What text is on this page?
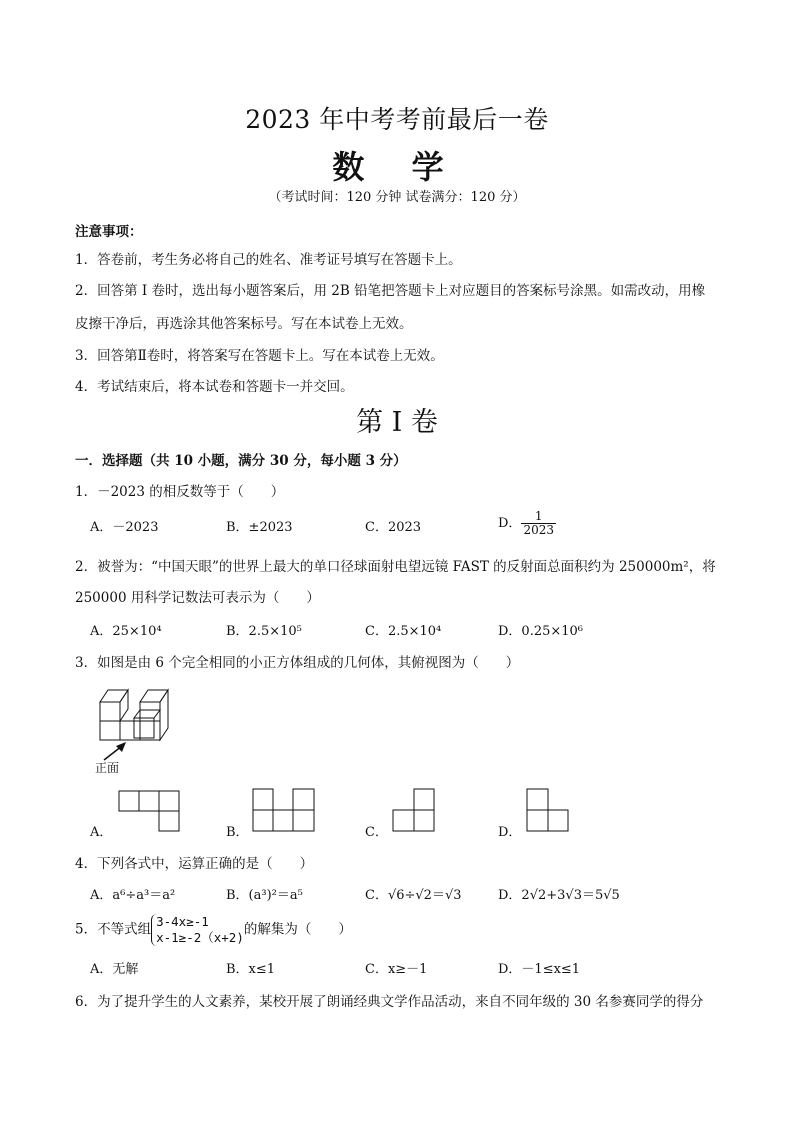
2023 年中考考前最后一卷
数 学
（考试时间：120 分钟 试卷满分：120 分）
注意事项：
1．答卷前，考生务必将自己的姓名、准考证号填写在答题卡上。
2．回答第 I 卷时，选出每小题答案后，用 2B 铅笔把答题卡上对应题目的答案标号涂黑。如需改动，用橡
皮擦干净后，再选涂其他答案标号。写在本试卷上无效。
3．回答第Ⅱ卷时，将答案写在答题卡上。写在本试卷上无效。
4．考试结束后，将本试卷和答题卡一并交回。
第 I 卷
一．选择题（共 10 小题，满分 30 分，每小题 3 分）
1．－2023 的相反数等于（　　）
A．－2023	B．±2023	C．2023	D． $\frac{1}{2023}$
2．被誉为：“中国天眼”的世界上最大的单口径球面射电望远镜 FAST 的反射面总面积约为 250000m²，将
250000 用科学记数法可表示为（　　）
A．25×10⁴	B．2.5×10⁵	C．2.5×10⁴	D．0.25×10⁶
3．如图是由 6 个完全相同的小正方体组成的几何体，其俯视图为（　　）
正面
A．	B．	C．	D．
4．下列各式中，运算正确的是（　　）
A．a⁶÷a³＝a²	B．(a³)²＝a⁵	C．√6÷√2＝√3	D．2√2+3√3＝5√5
5．不等式组 3-4x≥-1
x-1≥-2（x+2) 的解集为（　　）
A．无解	B．x≤1	C．x≥－1	D．－1≤x≤1
6．为了提升学生的人文素养，某校开展了朗诵经典文学作品活动，来自不同年级的 30 名参赛同学的得分
